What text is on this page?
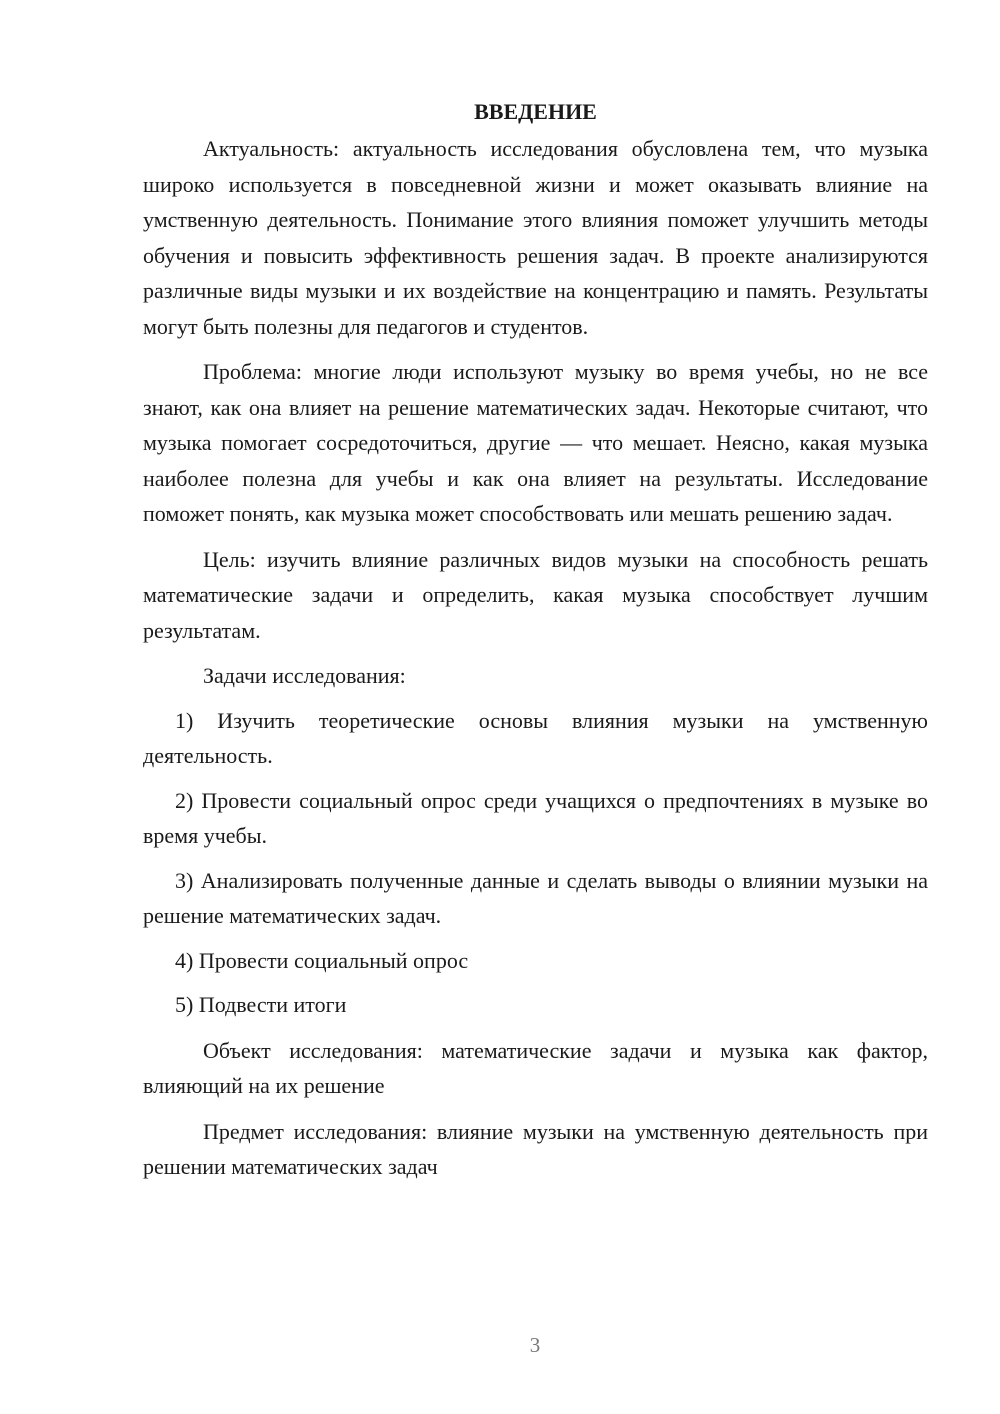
ВВЕДЕНИЕ

Актуальность: актуальность исследования обусловлена тем, что музыка широко используется в повседневной жизни и может оказывать влияние на умственную деятельность. Понимание этого влияния поможет улучшить методы обучения и повысить эффективность решения задач. В проекте анализируются различные виды музыки и их воздействие на концентрацию и память. Результаты могут быть полезны для педагогов и студентов.

Проблема: многие люди используют музыку во время учебы, но не все знают, как она влияет на решение математических задач. Некоторые считают, что музыка помогает сосредоточиться, другие — что мешает. Неясно, какая музыка наиболее полезна для учебы и как она влияет на результаты. Исследование поможет понять, как музыка может способствовать или мешать решению задач.

Цель: изучить влияние различных видов музыки на способность решать математические задачи и определить, какая музыка способствует лучшим результатам.

Задачи исследования:

1) Изучить теоретические основы влияния музыки на умственную деятельность.

2) Провести социальный опрос среди учащихся о предпочтениях в музыке во время учебы.

3) Анализировать полученные данные и сделать выводы о влиянии музыки на решение математических задач.

4) Провести социальный опрос

5) Подвести итоги

Объект исследования: математические задачи и музыка как фактор, влияющий на их решение

Предмет исследования: влияние музыки на умственную деятельность при решении математических задач

3
